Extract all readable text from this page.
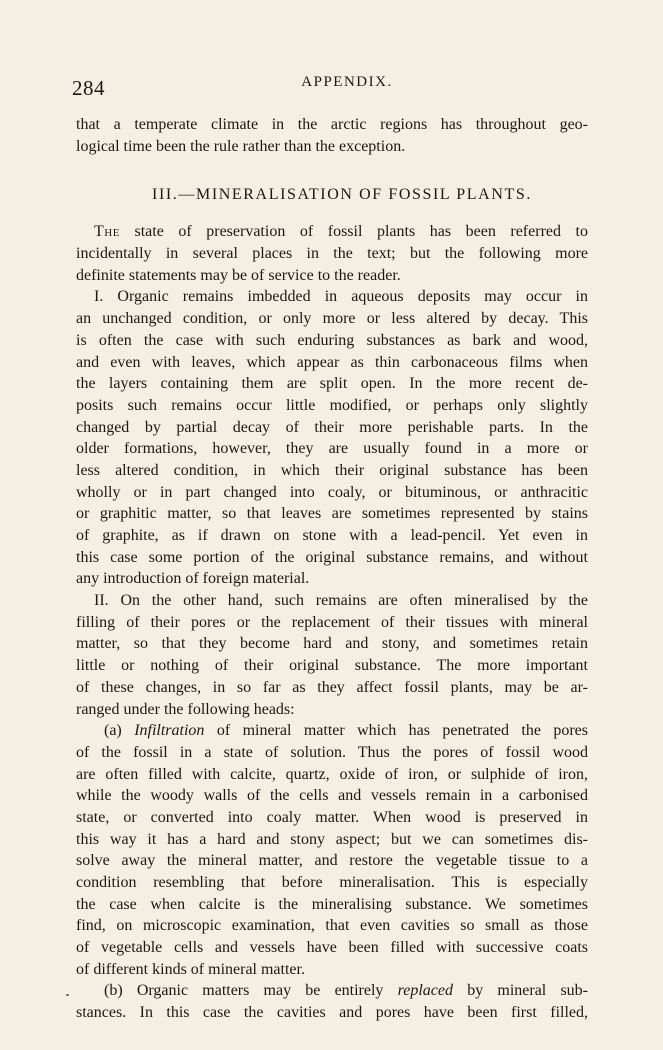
284	APPENDIX.
that a temperate climate in the arctic regions has throughout geo-
logical time been the rule rather than the exception.
III.—MINERALISATION OF FOSSIL PLANTS.
The state of preservation of fossil plants has been referred to
incidentally in several places in the text; but the following more
definite statements may be of service to the reader.
I. Organic remains imbedded in aqueous deposits may occur in
an unchanged condition, or only more or less altered by decay. This
is often the case with such enduring substances as bark and wood,
and even with leaves, which appear as thin carbonaceous films when
the layers containing them are split open. In the more recent de-
posits such remains occur little modified, or perhaps only slightly
changed by partial decay of their more perishable parts. In the
older formations, however, they are usually found in a more or
less altered condition, in which their original substance has been
wholly or in part changed into coaly, or bituminous, or anthracitic
or graphitic matter, so that leaves are sometimes represented by stains
of graphite, as if drawn on stone with a lead-pencil. Yet even in
this case some portion of the original substance remains, and without
any introduction of foreign material.
II. On the other hand, such remains are often mineralised by the
filling of their pores or the replacement of their tissues with mineral
matter, so that they become hard and stony, and sometimes retain
little or nothing of their original substance. The more important
of these changes, in so far as they affect fossil plants, may be ar-
ranged under the following heads:
(a) Infiltration of mineral matter which has penetrated the pores
of the fossil in a state of solution. Thus the pores of fossil wood
are often filled with calcite, quartz, oxide of iron, or sulphide of iron,
while the woody walls of the cells and vessels remain in a carbonised
state, or converted into coaly matter. When wood is preserved in
this way it has a hard and stony aspect; but we can sometimes dis-
solve away the mineral matter, and restore the vegetable tissue to a
condition resembling that before mineralisation. This is especially
the case when calcite is the mineralising substance. We sometimes
find, on microscopic examination, that even cavities so small as those
of vegetable cells and vessels have been filled with successive coats
of different kinds of mineral matter.
(b) Organic matters may be entirely replaced by mineral sub-
stances. In this case the cavities and pores have been first filled,
